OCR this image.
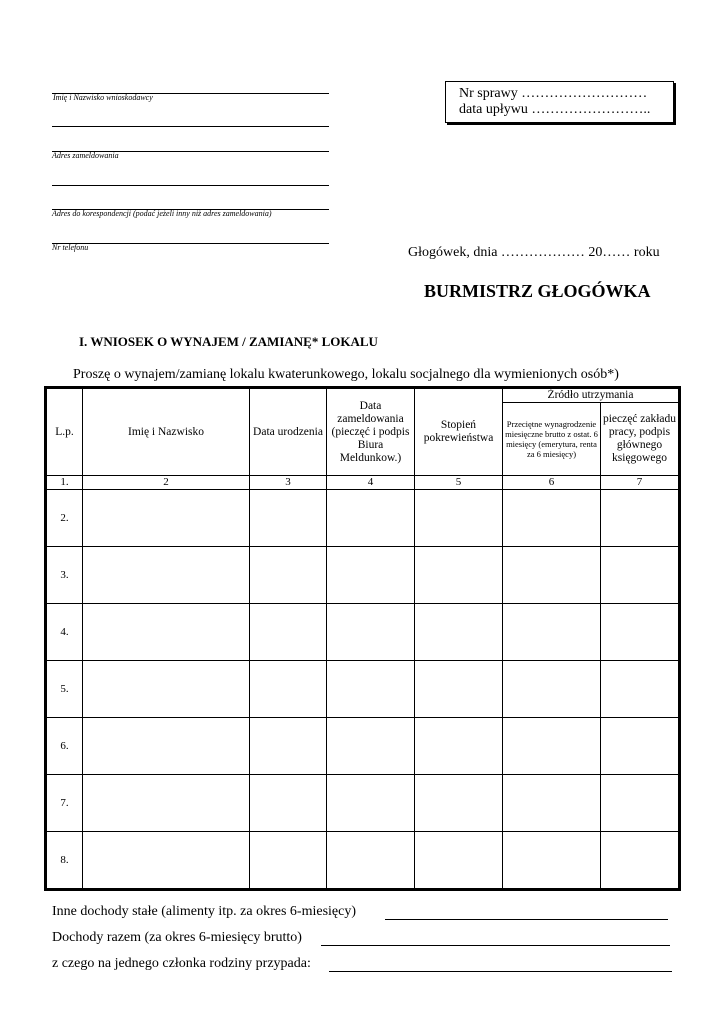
Imię i Nazwisko wnioskodawcy
Adres zameldowania
Adres do korespondencji (podać jeżeli inny niż adres zameldowania)
Nr telefonu
Nr sprawy ………………………
data upływu ……………………..
Głogówek, dnia ……………… 20…… roku
BURMISTRZ GŁOGÓWKA
I. WNIOSEK O WYNAJEM / ZAMIANĘ* LOKALU
Proszę o wynajem/zamianę lokalu kwaterunkowego, lokalu socjalnego dla wymienionych osób*)
L.p.	Imię i Nazwisko	Data urodzenia	Data zameldowania (pieczęć i podpis Biura Meldunkow.)	Stopień pokrewieństwa	Źródło utrzymania	
					Przeciętne wynagrodzenie miesięczne brutto z ostat. 6 miesięcy (emerytura, renta za 6 miesięcy)	pieczęć zakładu pracy, podpis głównego księgowego
1.	2	3	4	5	6	7
2.						
3.						
4.						
5.						
6.						
7.						
8.						
Inne dochody stałe (alimenty itp. za okres 6-miesięcy)
Dochody razem (za okres 6-miesięcy brutto)
z czego na jednego członka rodziny przypada:
